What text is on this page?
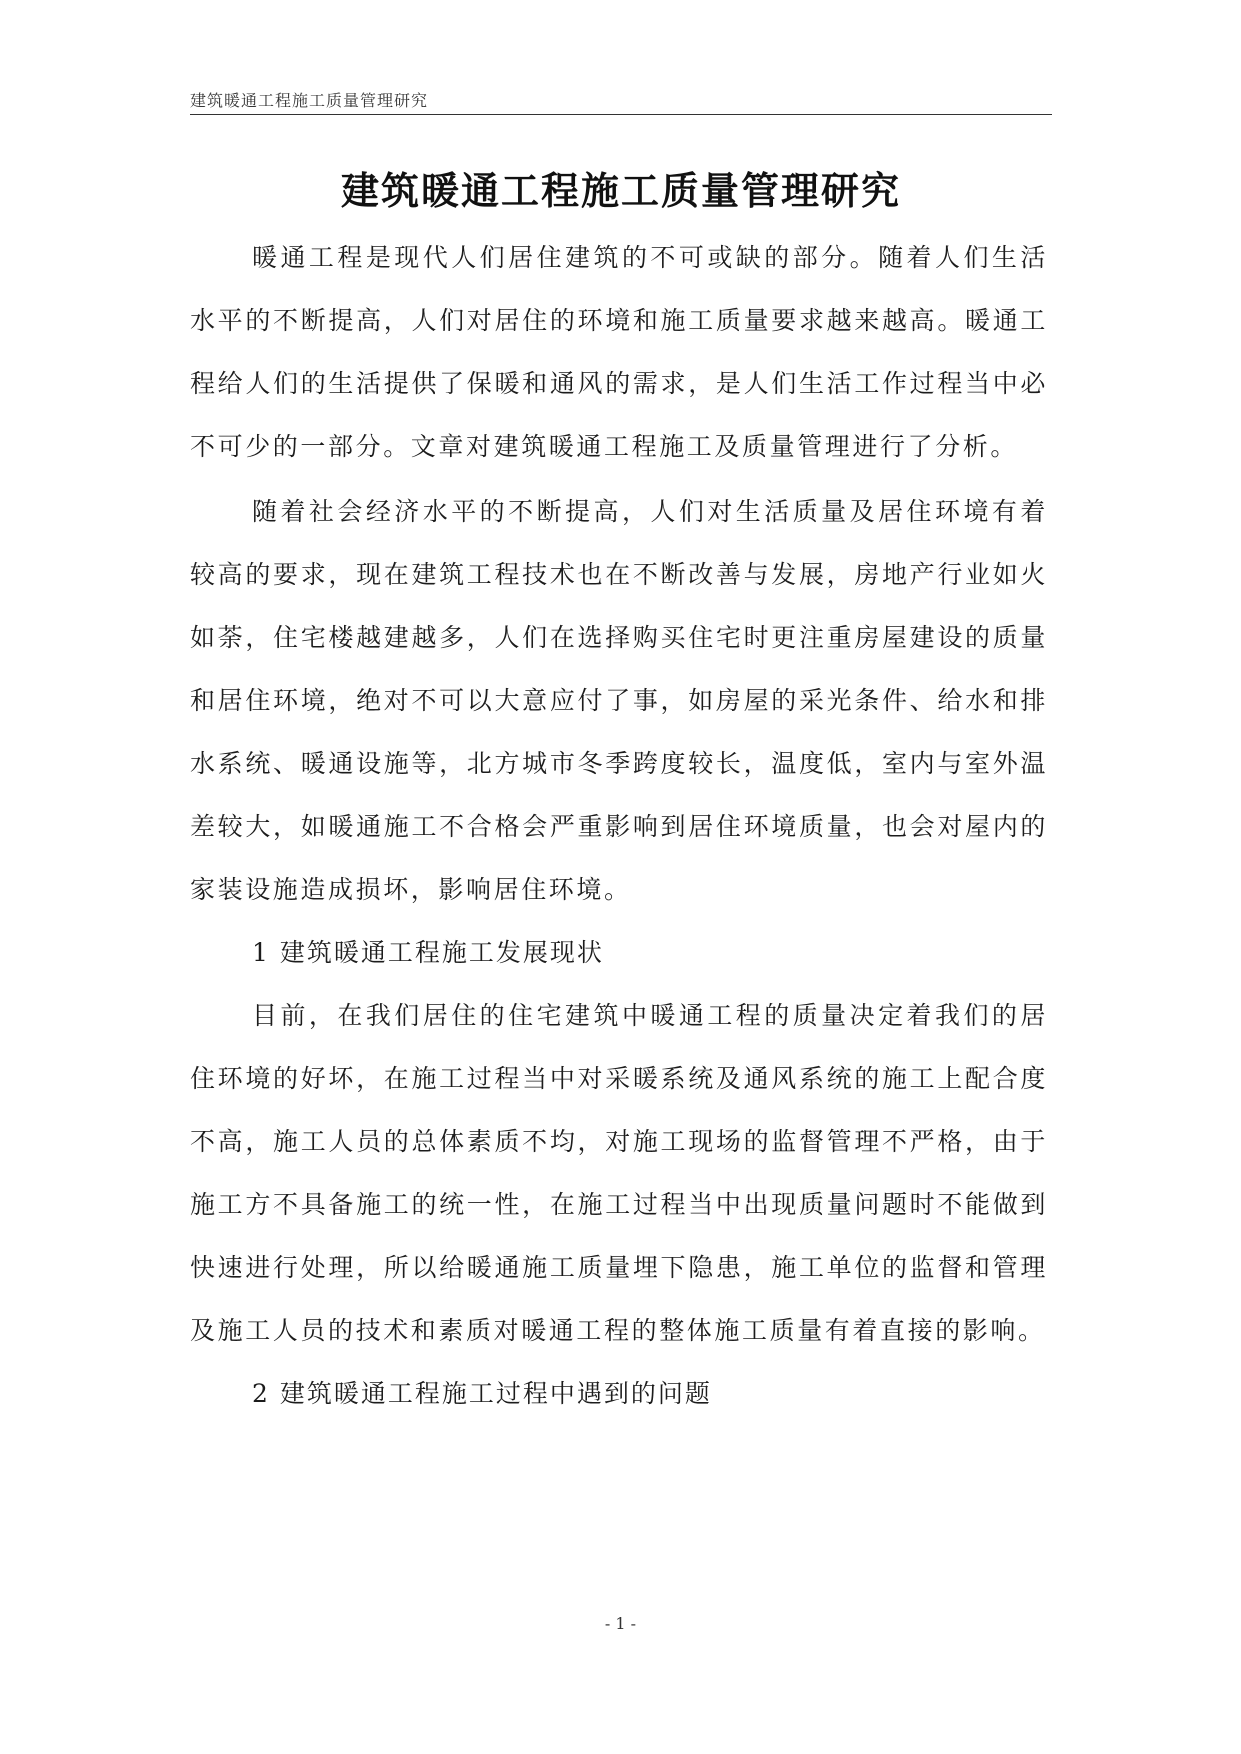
建筑暖通工程施工质量管理研究
建筑暖通工程施工质量管理研究

暖通工程是现代人们居住建筑的不可或缺的部分。随着人们生活水平的不断提高，人们对居住的环境和施工质量要求越来越高。暖通工程给人们的生活提供了保暖和通风的需求，是人们生活工作过程当中必不可少的一部分。文章对建筑暖通工程施工及质量管理进行了分析。

随着社会经济水平的不断提高，人们对生活质量及居住环境有着较高的要求，现在建筑工程技术也在不断改善与发展，房地产行业如火如荼，住宅楼越建越多，人们在选择购买住宅时更注重房屋建设的质量和居住环境，绝对不可以大意应付了事，如房屋的采光条件、给水和排水系统、暖通设施等，北方城市冬季跨度较长，温度低，室内与室外温差较大，如暖通施工不合格会严重影响到居住环境质量，也会对屋内的家装设施造成损坏，影响居住环境。

1 建筑暖通工程施工发展现状

目前，在我们居住的住宅建筑中暖通工程的质量决定着我们的居住环境的好坏，在施工过程当中对采暖系统及通风系统的施工上配合度不高，施工人员的总体素质不均，对施工现场的监督管理不严格，由于施工方不具备施工的统一性，在施工过程当中出现质量问题时不能做到快速进行处理，所以给暖通施工质量埋下隐患，施工单位的监督和管理及施工人员的技术和素质对暖通工程的整体施工质量有着直接的影响。

2 建筑暖通工程施工过程中遇到的问题

- 1 -
